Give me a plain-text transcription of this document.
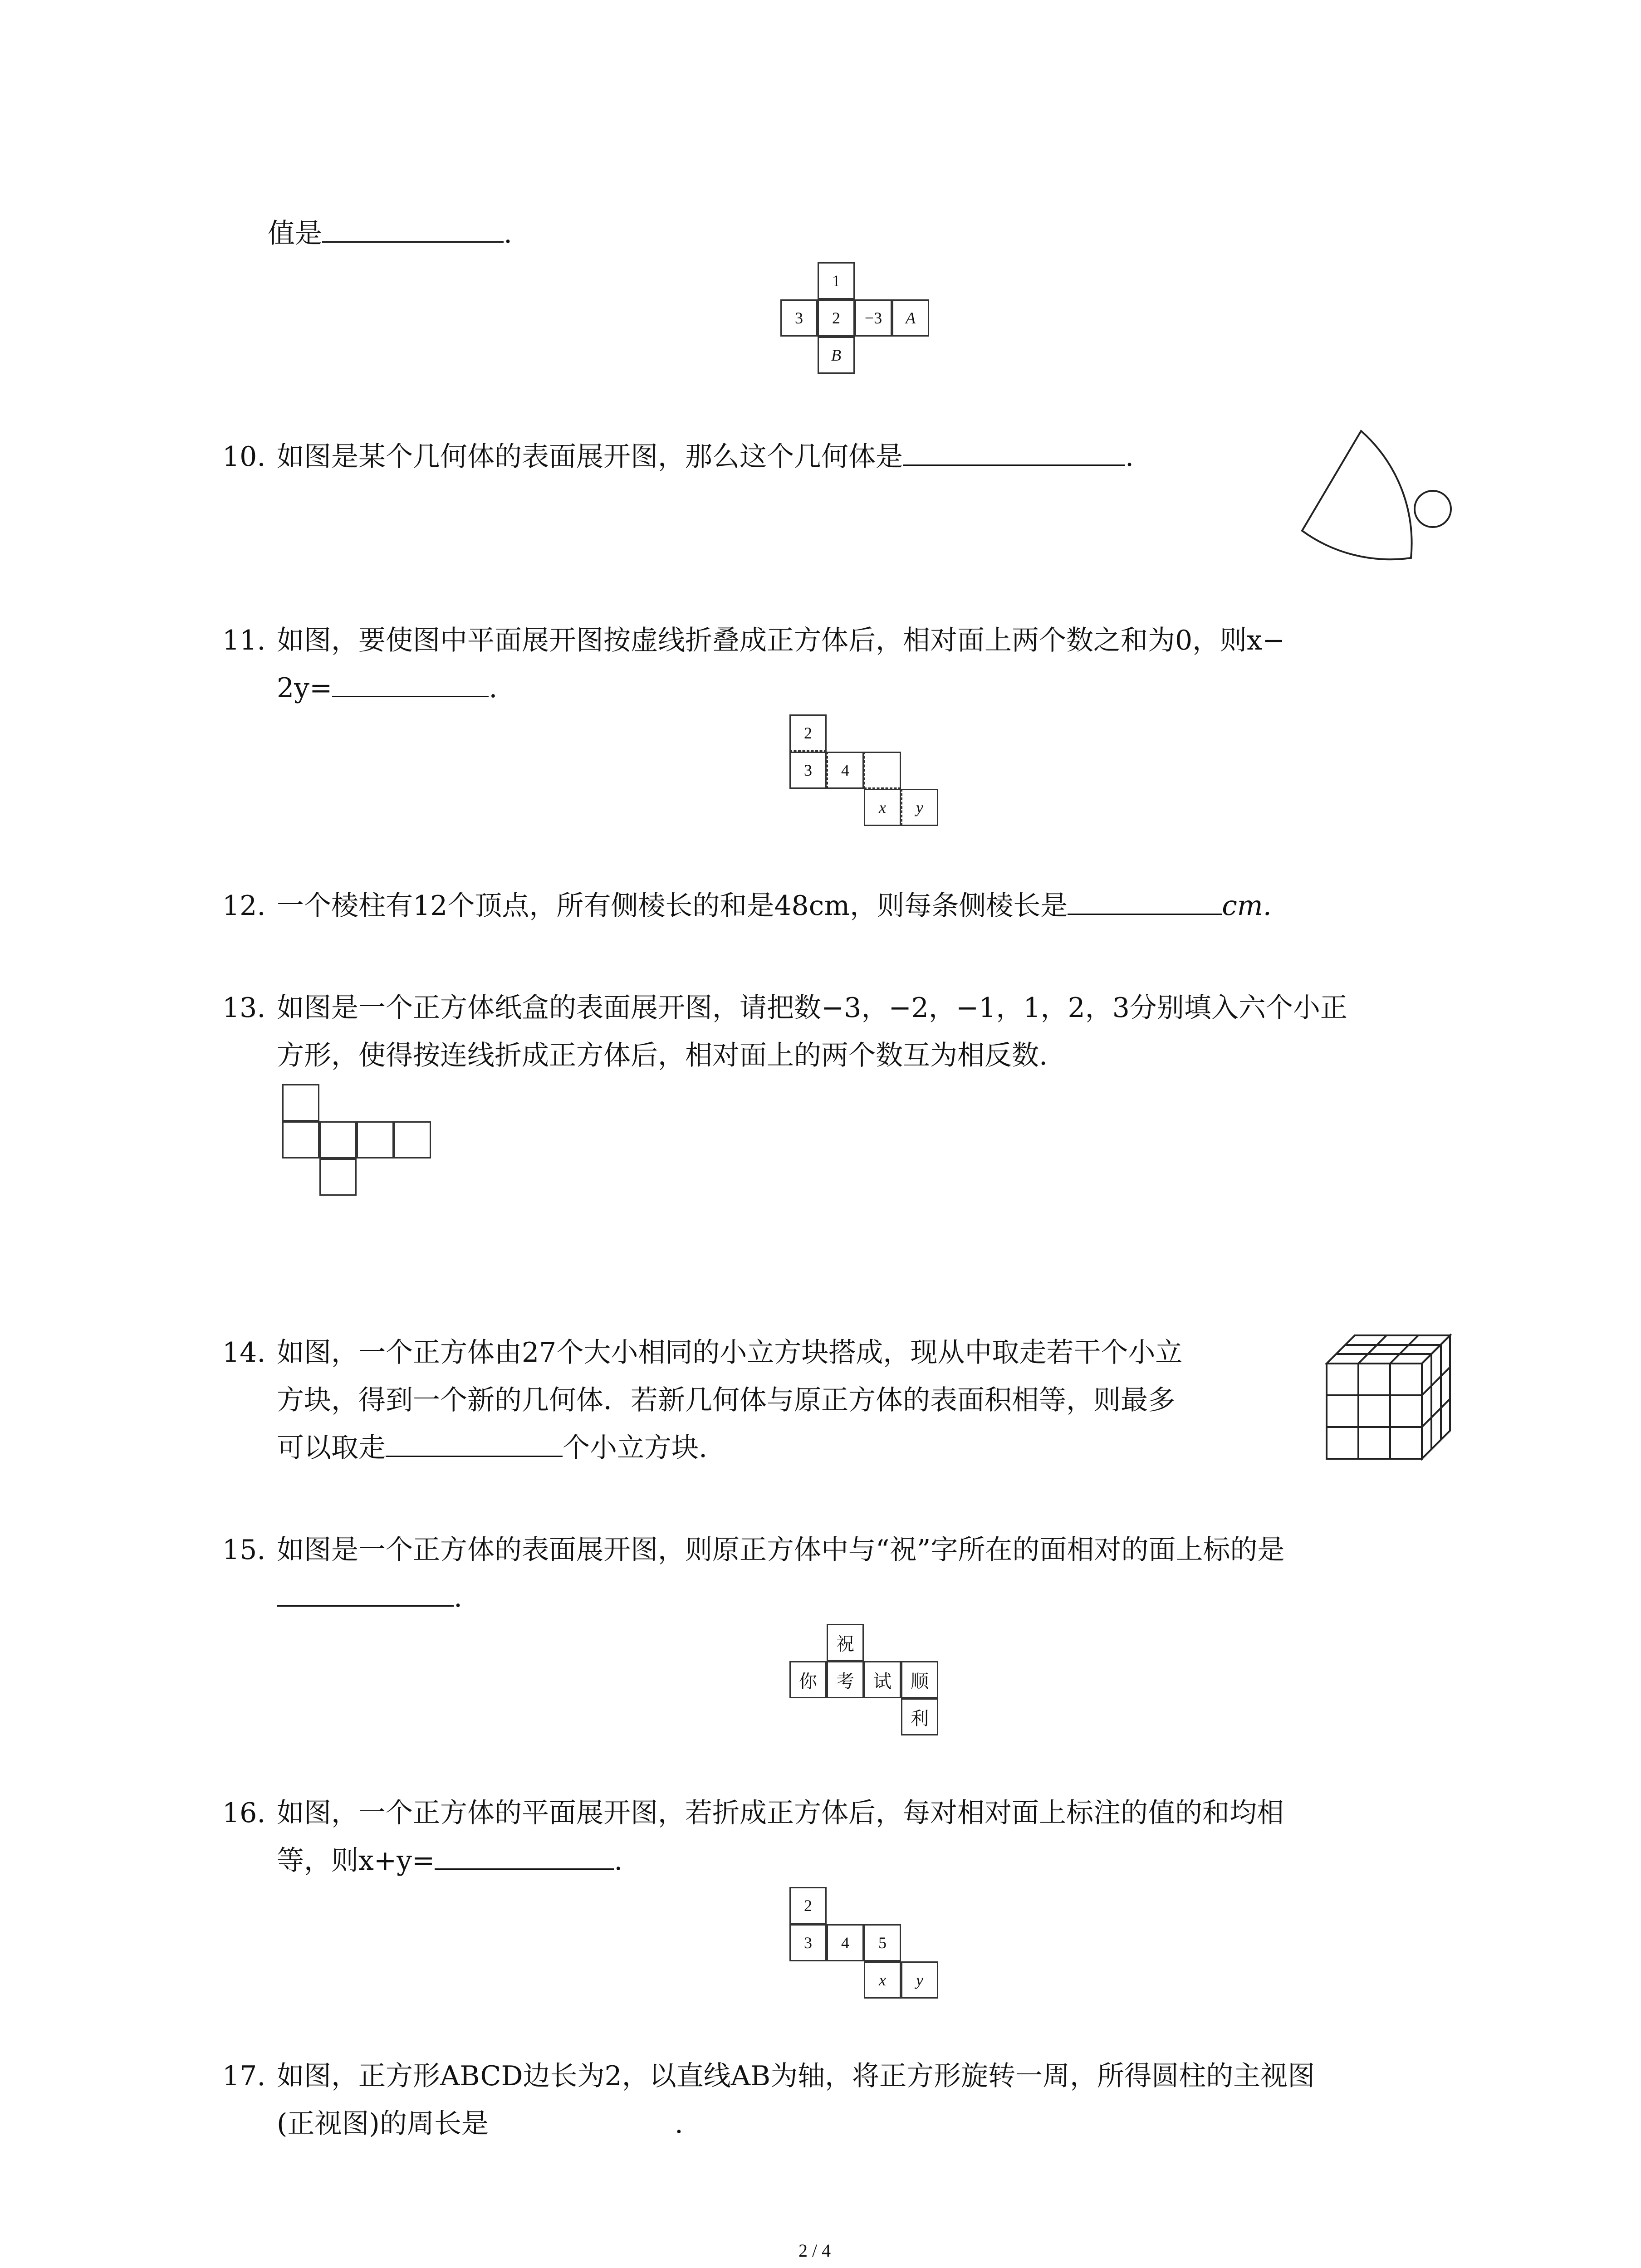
值是	.
1
3 2 −3 A
B
10. 如图是某个几何体的表面展开图，那么这个几何体是	.
11. 如图，要使图中平面展开图按虚线折叠成正方体后，相对面上两个数之和为0，则x−
2y=	.
2
3 4
x y
12. 一个棱柱有12个顶点，所有侧棱长的和是48cm，则每条侧棱长是	cm.
13. 如图是一个正方体纸盒的表面展开图，请把数−3，−2，−1，1，2，3分别填入六个小正
方形，使得按连线折成正方体后，相对面上的两个数互为相反数.
14. 如图，一个正方体由27个大小相同的小立方块搭成，现从中取走若干个小立
方块，得到一个新的几何体．若新几何体与原正方体的表面积相等，则最多
可以取走	个小立方块.
15. 如图是一个正方体的表面展开图，则原正方体中与“祝”字所在的面相对的面上标的是
.
祝
你 考 试 顺
利
16. 如图，一个正方体的平面展开图，若折成正方体后，每对相对面上标注的值的和均相
等，则x+y=	.
2
3 4 5
x y
17. 如图，正方形ABCD边长为2，以直线AB为轴，将正方形旋转一周，所得圆柱的主视图
(正视图)的周长是	.
2 / 4
